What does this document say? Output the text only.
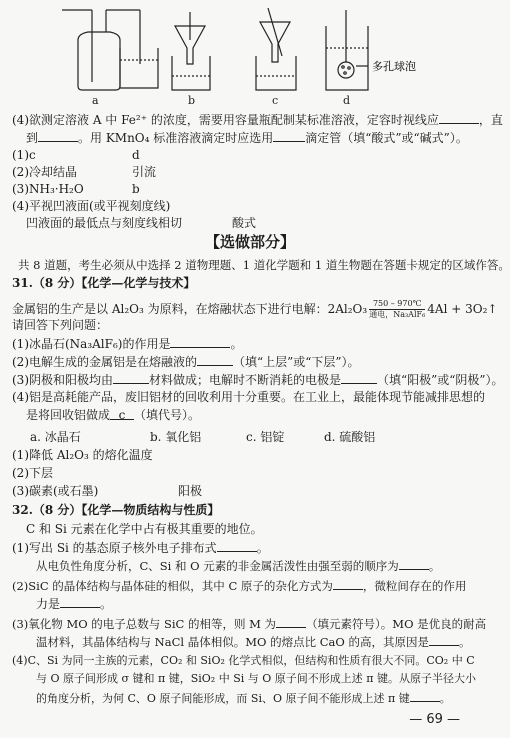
多孔球泡
a	b	c	d
(4)欲测定溶液 A 中 Fe²⁺ 的浓度，需要用容量瓶配制某标准溶液，定容时视线应	，直
到	。用 KMnO₄ 标准溶液滴定时应选用	滴定管（填“酸式”或“碱式”）。
(1)c	d
(2)冷却结晶	引流
(3)NH₃·H₂O	b
(4)平视凹液面(或平视刻度线)
凹液面的最低点与刻度线相切	酸式
【选做部分】
共 8 道题，考生必须从中选择 2 道物理题、1 道化学题和 1 道生物题在答题卡规定的区域作答。
31.（8 分）【化学—化学与技术】
金属铝的生产是以 Al₂O₃ 为原料，在熔融状态下进行电解：2Al₂O₃ 750 – 970℃
通电，Na₃AlF₆ 4Al + 3O₂↑
请回答下列问题：
(1)冰晶石(Na₃AlF₆)的作用是	。
(2)电解生成的金属铝是在熔融液的	（填“上层”或“下层”）。
(3)阴极和阳极均由	材料做成；电解时不断消耗的电极是	（填“阳极”或“阴极”）。
(4)铝是高耗能产品，废旧铝材的回收利用十分重要。在工业上，最能体现节能减排思想的
是将回收铝做成 c （填代号）。
a. 冰晶石	b. 氧化铝	c. 铝锭	d. 硫酸铝
(1)降低 Al₂O₃ 的熔化温度
(2)下层
(3)碳素(或石墨)	阳极
32.（8 分）【化学—物质结构与性质】
C 和 Si 元素在化学中占有极其重要的地位。
(1)写出 Si 的基态原子核外电子排布式	。
从电负性角度分析，C、Si 和 O 元素的非金属活泼性由强至弱的顺序为	。
(2)SiC 的晶体结构与晶体硅的相似，其中 C 原子的杂化方式为	，微粒间存在的作用
力是	。
(3)氧化物 MO 的电子总数与 SiC 的相等，则 M 为	（填元素符号）。MO 是优良的耐高
温材料，其晶体结构与 NaCl 晶体相似。MO 的熔点比 CaO 的高，其原因是	。
(4)C、Si 为同一主族的元素，CO₂ 和 SiO₂ 化学式相似，但结构和性质有很大不同。CO₂ 中 C
与 O 原子间形成 σ 键和 π 键，SiO₂ 中 Si 与 O 原子间不形成上述 π 键。从原子半径大小
的角度分析，为何 C、O 原子间能形成，而 Si、O 原子间不能形成上述 π 键	。
— 69 —
